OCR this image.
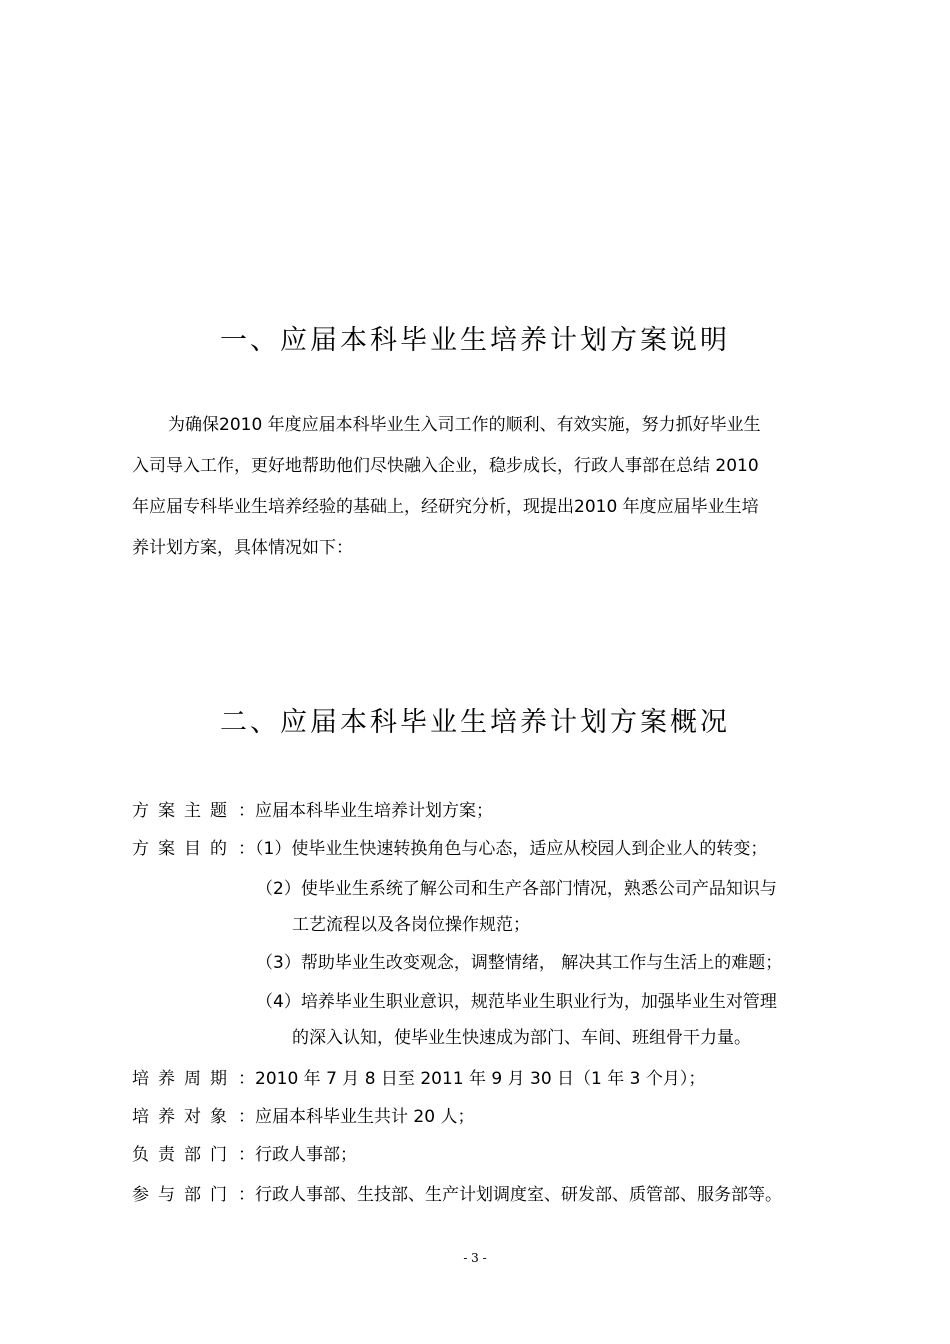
一、应届本科毕业生培养计划方案说明
为确保2010 年度应届本科毕业生入司工作的顺利、有效实施，努力抓好毕业生
入司导入工作，更好地帮助他们尽快融入企业，稳步成长，行政人事部在总结 2010
年应届专科毕业生培养经验的基础上，经研究分析，现提出2010 年度应届毕业生培
养计划方案，具体情况如下：
二、应届本科毕业生培养计划方案概况
方案主题 ：应届本科毕业生培养计划方案；
方案目的 ：（1）使毕业生快速转换角色与心态，适应从校园人到企业人的转变；
（2）使毕业生系统了解公司和生产各部门情况，熟悉公司产品知识与
工艺流程以及各岗位操作规范；
（3）帮助毕业生改变观念，调整情绪， 解决其工作与生活上的难题；
（4）培养毕业生职业意识，规范毕业生职业行为，加强毕业生对管理
的深入认知，使毕业生快速成为部门、车间、班组骨干力量。
培养周期 ：2010 年 7 月 8 日至 2011 年 9 月 30 日（1 年 3 个月）；
培养对象 ：应届本科毕业生共计 20 人；
负责部门 ：行政人事部；
参与部门 ：行政人事部、生技部、生产计划调度室、研发部、质管部、服务部等。
- 3 -
